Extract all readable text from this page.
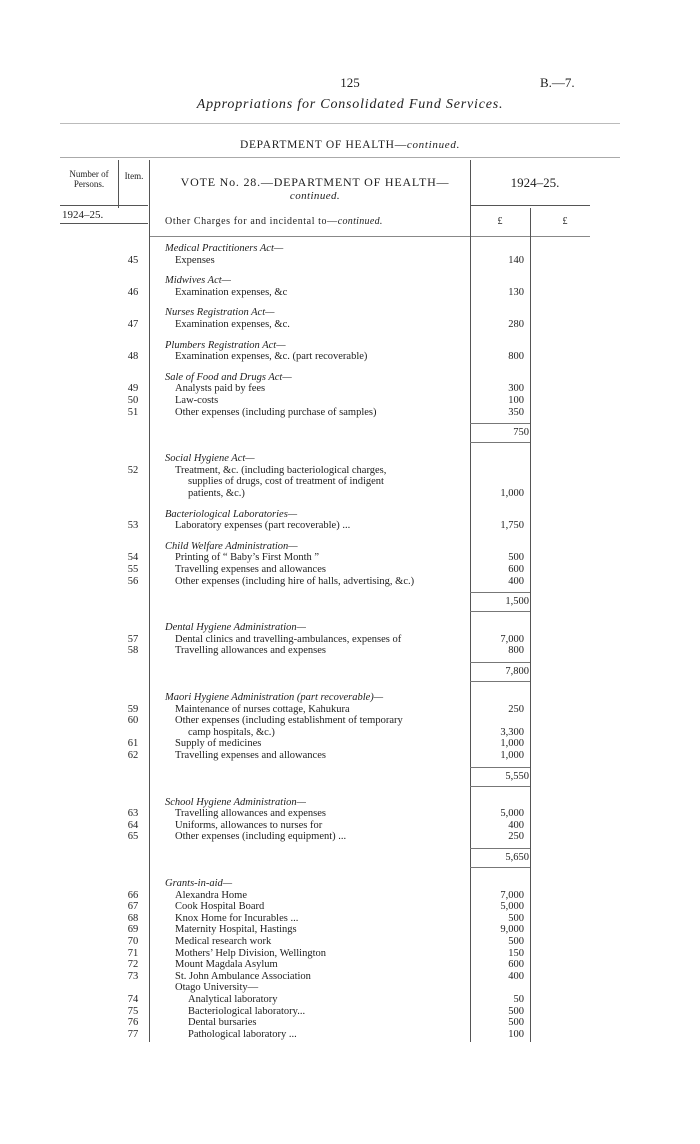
125	B.—7.
Appropriations for Consolidated Fund Services.
DEPARTMENT OF HEALTH—continued.
Number of Persons.
Item.	VOTE No. 28.—DEPARTMENT OF HEALTH—
continued.
1924–25.
1924–25.
Other Charges for and incidental to—continued.	£	£
Medical Practitioners Act—
45	Expenses	140
Midwives Act—
46	Examination expenses, &c	130
Nurses Registration Act—
47	Examination expenses, &c.	280
Plumbers Registration Act—
48	Examination expenses, &c. (part recoverable)	800
Sale of Food and Drugs Act—
49	Analysts paid by fees	300
50	Law-costs	100
51	Other expenses (including purchase of samples)	350
750
Social Hygiene Act—
52	Treatment, &c. (including bacteriological charges,
supplies of drugs, cost of treatment of indigent
patients, &c.)	1,000
Bacteriological Laboratories—
53	Laboratory expenses (part recoverable) ...	1,750
Child Welfare Administration—
54	Printing of “ Baby’s First Month ”	500
55	Travelling expenses and allowances	600
56	Other expenses (including hire of halls, advertising, &c.)	400
1,500
Dental Hygiene Administration—
57	Dental clinics and travelling-ambulances, expenses of	7,000
58	Travelling allowances and expenses	800
7,800
Maori Hygiene Administration (part recoverable)—
59	Maintenance of nurses cottage, Kahukura	250
60	Other expenses (including establishment of temporary
camp hospitals, &c.)	3,300
61	Supply of medicines	1,000
62	Travelling expenses and allowances	1,000
5,550
School Hygiene Administration—
63	Travelling allowances and expenses	5,000
64	Uniforms, allowances to nurses for	400
65	Other expenses (including equipment) ...	250
5,650
Grants-in-aid—
66	Alexandra Home	7,000
67	Cook Hospital Board	5,000
68	Knox Home for Incurables ...	500
69	Maternity Hospital, Hastings	9,000
70	Medical research work	500
71	Mothers’ Help Division, Wellington	150
72	Mount Magdala Asylum	600
73	St. John Ambulance Association	400
Otago University—
74	Analytical laboratory	50
75	Bacteriological laboratory...	500
76	Dental bursaries	500
77	Pathological laboratory ...	100
